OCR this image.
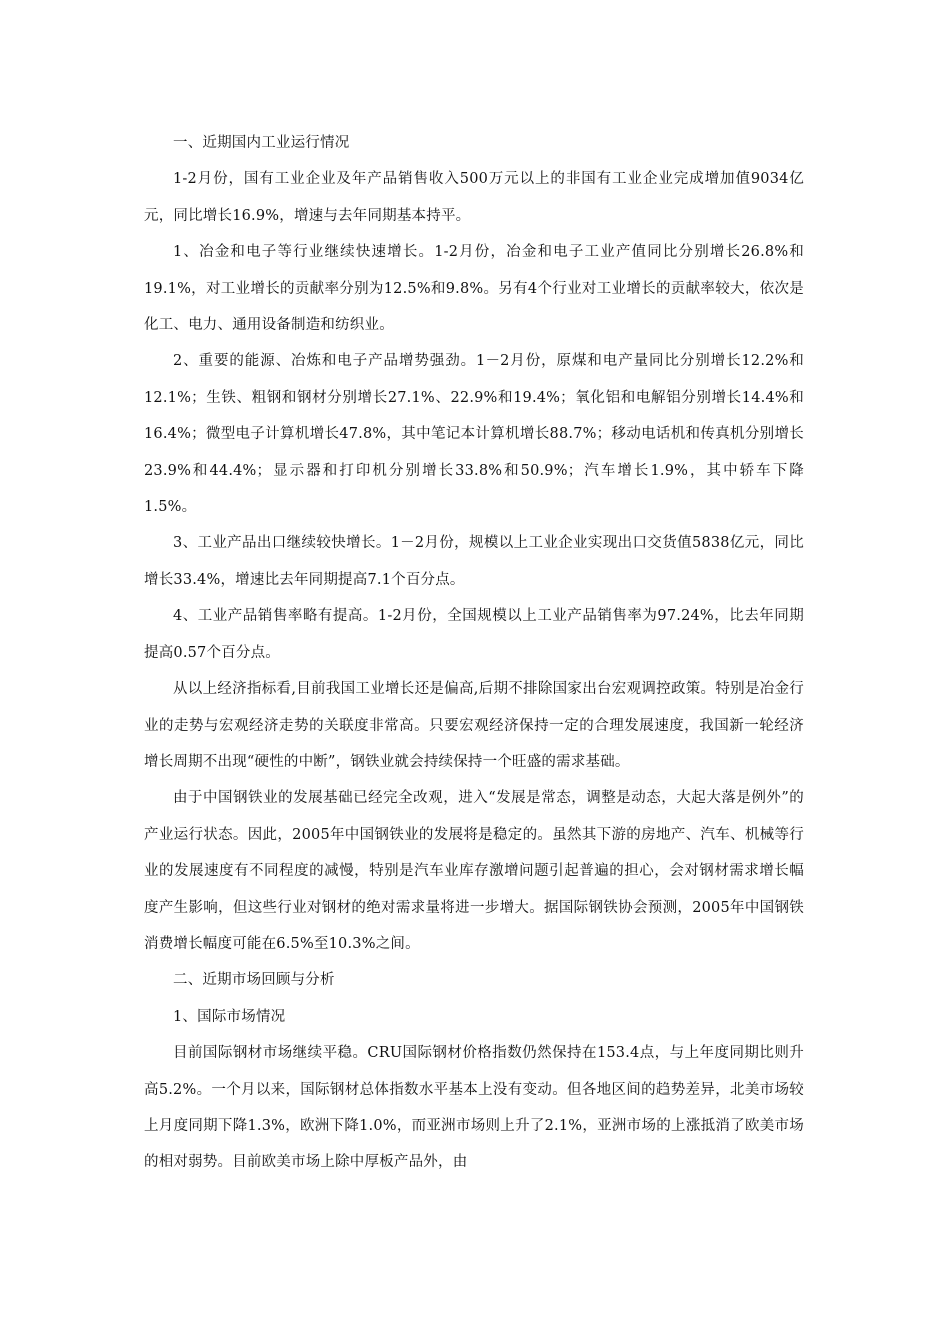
一、近期国内工业运行情况

1-2月份，国有工业企业及年产品销售收入500万元以上的非国有工业企业完成增加值9034亿元，同比增长16.9%，增速与去年同期基本持平。

1、冶金和电子等行业继续快速增长。1-2月份，冶金和电子工业产值同比分别增长26.8%和19.1%，对工业增长的贡献率分别为12.5%和9.8%。另有4个行业对工业增长的贡献率较大，依次是化工、电力、通用设备制造和纺织业。

2、重要的能源、冶炼和电子产品增势强劲。1－2月份，原煤和电产量同比分别增长12.2%和12.1%；生铁、粗钢和钢材分别增长27.1%、22.9%和19.4%；氧化铝和电解铝分别增长14.4%和16.4%；微型电子计算机增长47.8%，其中笔记本计算机增长88.7%；移动电话机和传真机分别增长23.9%和44.4%；显示器和打印机分别增长33.8%和50.9%；汽车增长1.9%，其中轿车下降1.5%。

3、工业产品出口继续较快增长。1－2月份，规模以上工业企业实现出口交货值5838亿元，同比增长33.4%，增速比去年同期提高7.1个百分点。

4、工业产品销售率略有提高。1-2月份，全国规模以上工业产品销售率为97.24%，比去年同期提高0.57个百分点。

从以上经济指标看,目前我国工业增长还是偏高,后期不排除国家出台宏观调控政策。特别是冶金行业的走势与宏观经济走势的关联度非常高。只要宏观经济保持一定的合理发展速度，我国新一轮经济增长周期不出现“硬性的中断”，钢铁业就会持续保持一个旺盛的需求基础。

由于中国钢铁业的发展基础已经完全改观，进入“发展是常态，调整是动态，大起大落是例外”的产业运行状态。因此，2005年中国钢铁业的发展将是稳定的。虽然其下游的房地产、汽车、机械等行业的发展速度有不同程度的减慢，特别是汽车业库存激增问题引起普遍的担心，会对钢材需求增长幅度产生影响，但这些行业对钢材的绝对需求量将进一步增大。据国际钢铁协会预测，2005年中国钢铁消费增长幅度可能在6.5%至10.3%之间。

二、近期市场回顾与分析

1、国际市场情况

目前国际钢材市场继续平稳。CRU国际钢材价格指数仍然保持在153.4点，与上年度同期比则升高5.2%。一个月以来，国际钢材总体指数水平基本上没有变动。但各地区间的趋势差异，北美市场较上月度同期下降1.3%，欧洲下降1.0%，而亚洲市场则上升了2.1%，亚洲市场的上涨抵消了欧美市场的相对弱势。目前欧美市场上除中厚板产品外，由
